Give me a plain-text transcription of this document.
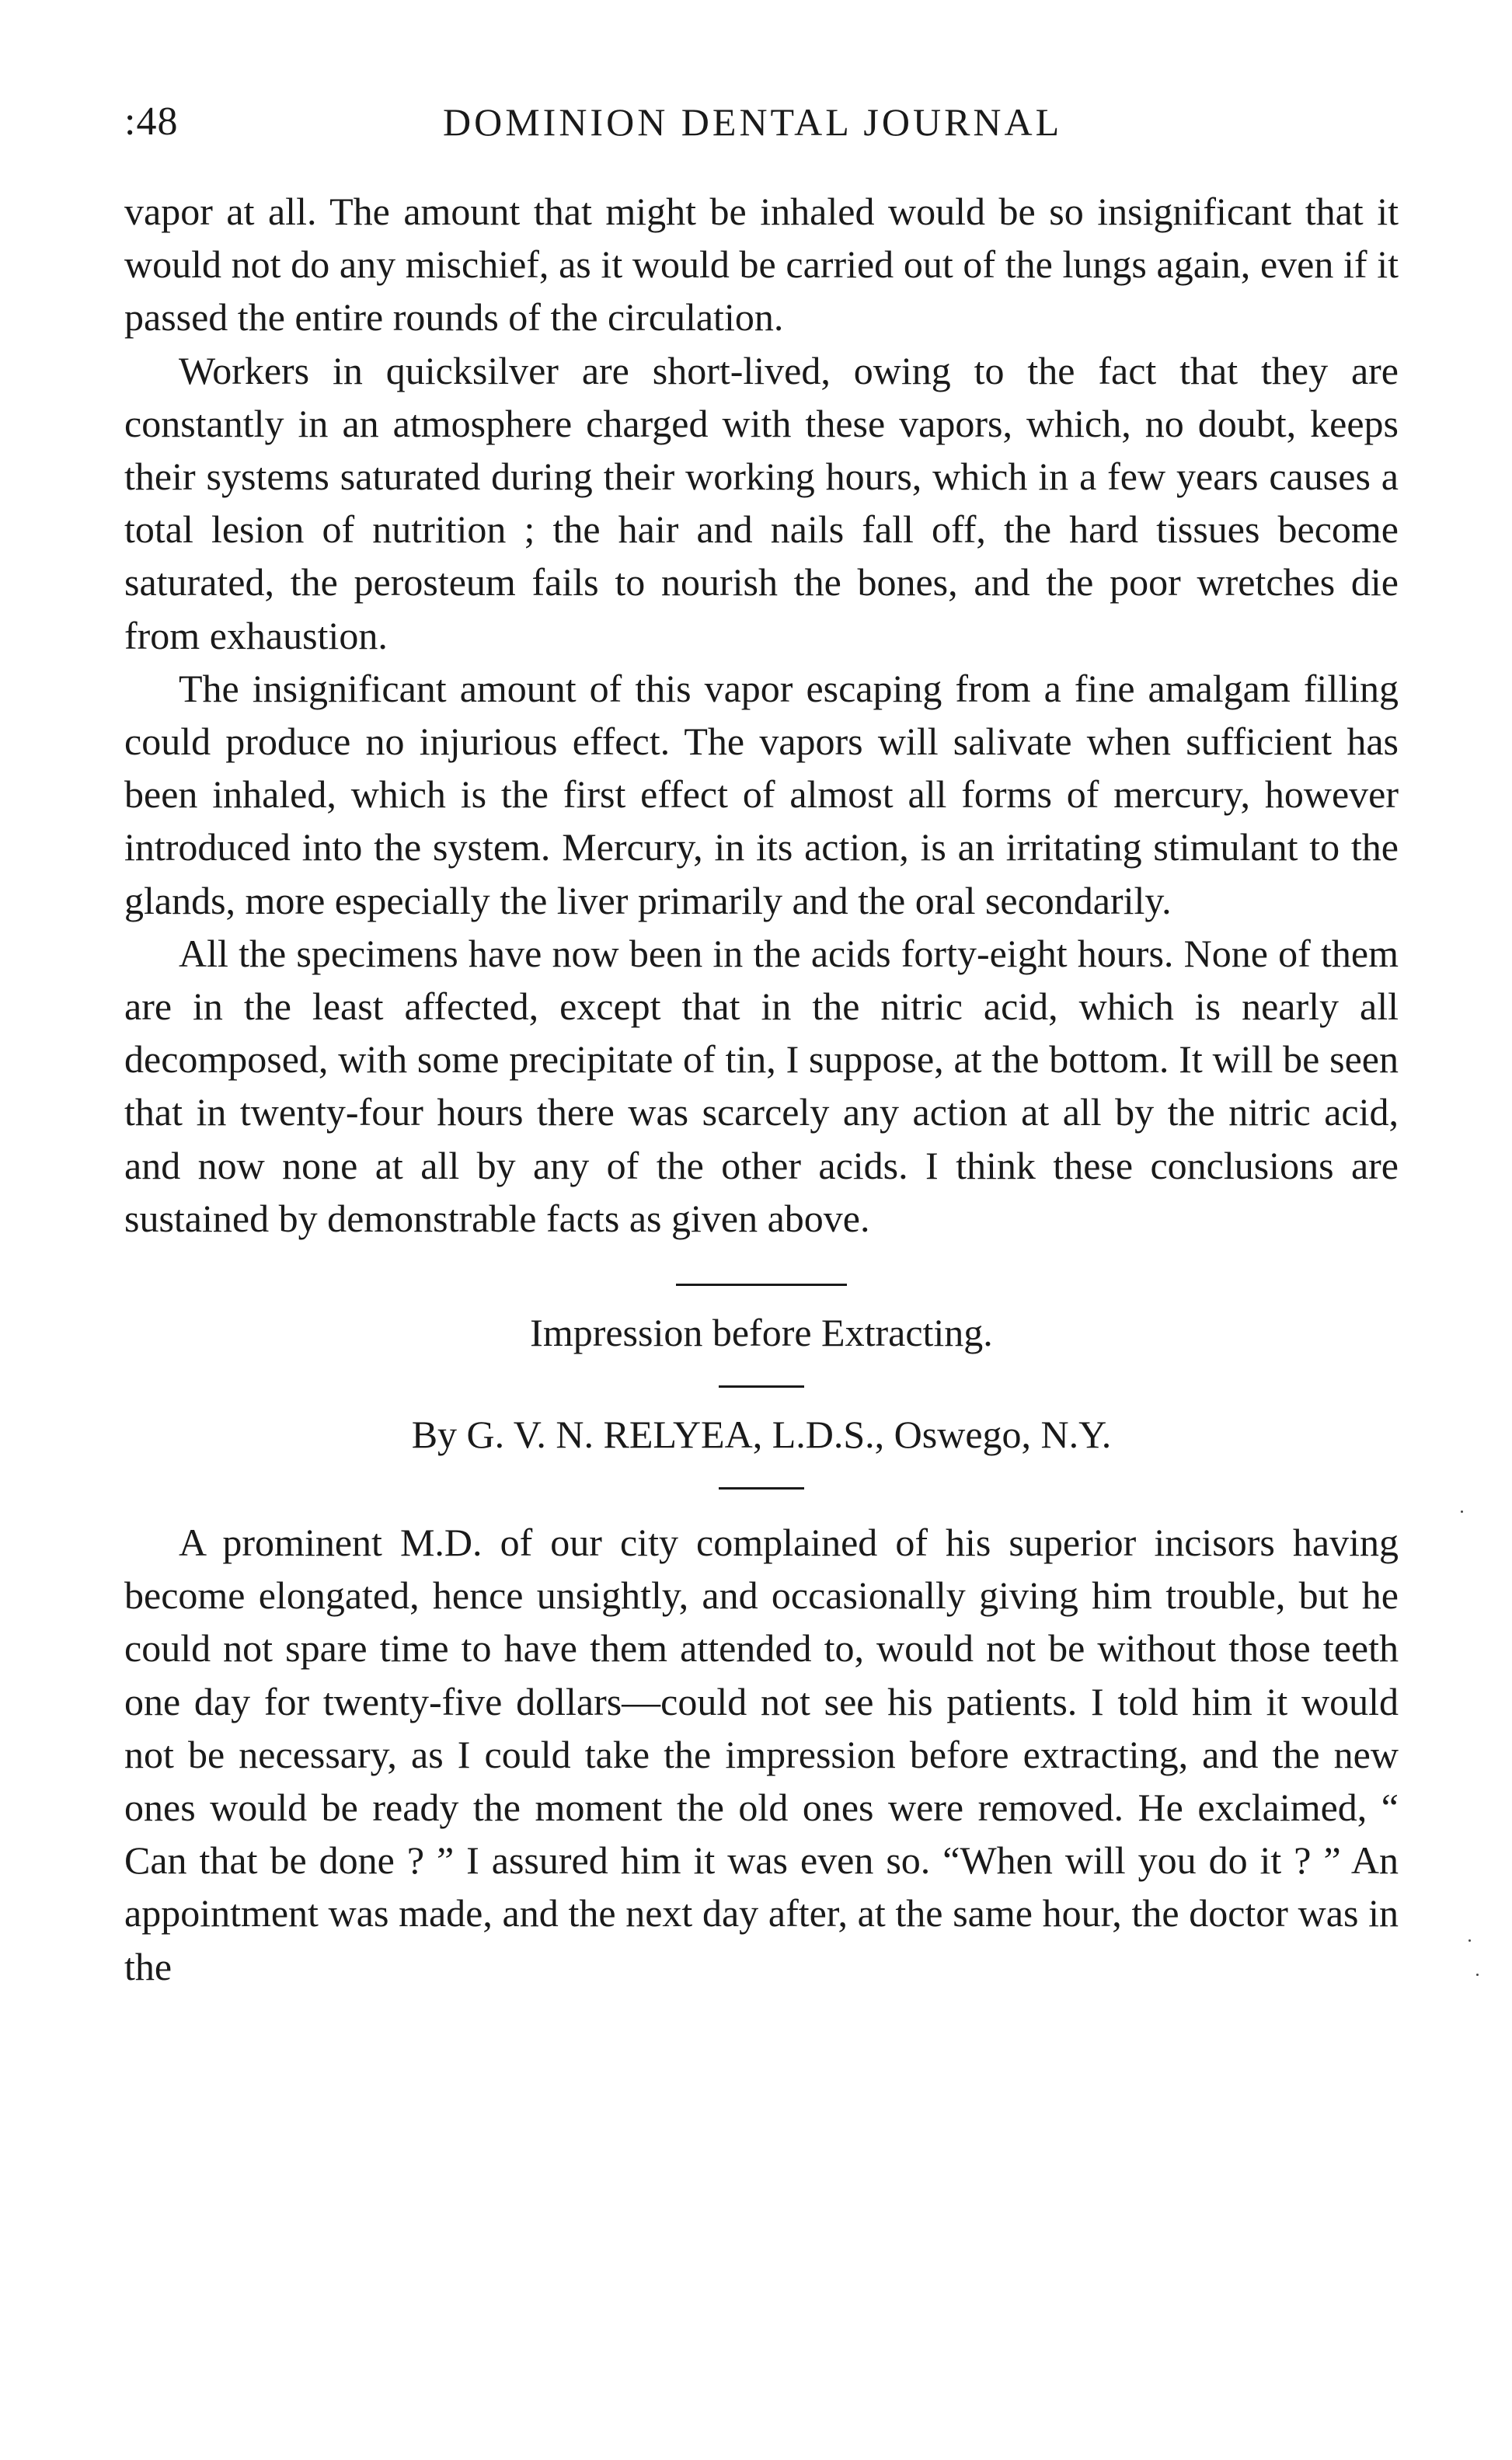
:48	DOMINION DENTAL JOURNAL

vapor at all. The amount that might be inhaled would be so insignificant that it would not do any mischief, as it would be carried out of the lungs again, even if it passed the entire rounds of the circulation.

Workers in quicksilver are short-lived, owing to the fact that they are constantly in an atmosphere charged with these vapors, which, no doubt, keeps their systems saturated during their working hours, which in a few years causes a total lesion of nutrition ; the hair and nails fall off, the hard tissues become saturated, the perosteum fails to nourish the bones, and the poor wretches die from exhaustion.

The insignificant amount of this vapor escaping from a fine amalgam filling could produce no injurious effect. The vapors will salivate when sufficient has been inhaled, which is the first effect of almost all forms of mercury, however introduced into the system. Mercury, in its action, is an irritating stimulant to the glands, more especially the liver primarily and the oral secondarily.

All the specimens have now been in the acids forty-eight hours. None of them are in the least affected, except that in the nitric acid, which is nearly all decomposed, with some precipitate of tin, I suppose, at the bottom. It will be seen that in twenty-four hours there was scarcely any action at all by the nitric acid, and now none at all by any of the other acids. I think these conclusions are sustained by demonstrable facts as given above.

Impression before Extracting.
By G. V. N. RELYEA, L.D.S., Oswego, N.Y.

A prominent M.D. of our city complained of his superior incisors having become elongated, hence unsightly, and occasionally giving him trouble, but he could not spare time to have them attended to, would not be without those teeth one day for twenty-five dollars—could not see his patients. I told him it would not be necessary, as I could take the impression before extracting, and the new ones would be ready the moment the old ones were removed. He exclaimed, “ Can that be done ? ” I assured him it was even so. “When will you do it ? ” An appointment was made, and the next day after, at the same hour, the doctor was in the
